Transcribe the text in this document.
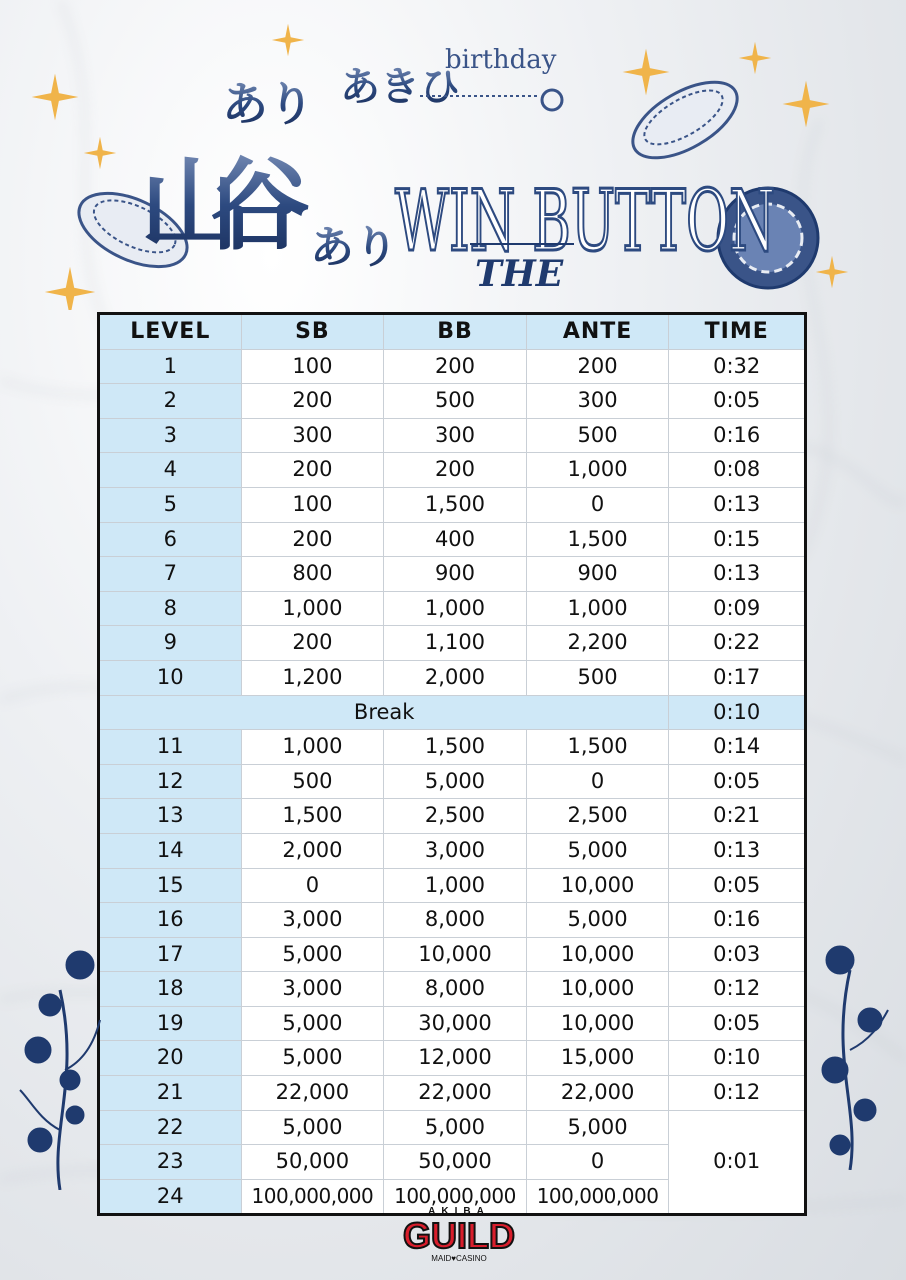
あきひ
birthday
あり
山谷 あり
WIN BUTTON
THE
LEVEL	SB	BB	ANTE	TIME
1	100	200	200	0:32
2	200	500	300	0:05
3	300	300	500	0:16
4	200	200	1,000	0:08
5	100	1,500	0	0:13
6	200	400	1,500	0:15
7	800	900	900	0:13
8	1,000	1,000	1,000	0:09
9	200	1,100	2,200	0:22
10	1,200	2,000	500	0:17
Break				0:10
11	1,000	1,500	1,500	0:14
12	500	5,000	0	0:05
13	1,500	2,500	2,500	0:21
14	2,000	3,000	5,000	0:13
15	0	1,000	10,000	0:05
16	3,000	8,000	5,000	0:16
17	5,000	10,000	10,000	0:03
18	3,000	8,000	10,000	0:12
19	5,000	30,000	10,000	0:05
20	5,000	12,000	15,000	0:10
21	22,000	22,000	22,000	0:12
22	5,000	5,000	5,000	0:01
23	50,000	50,000	0	
24	100,000,000	100,000,000	100,000,000	
AKIBA
GUILD
MAID♥CASINO
